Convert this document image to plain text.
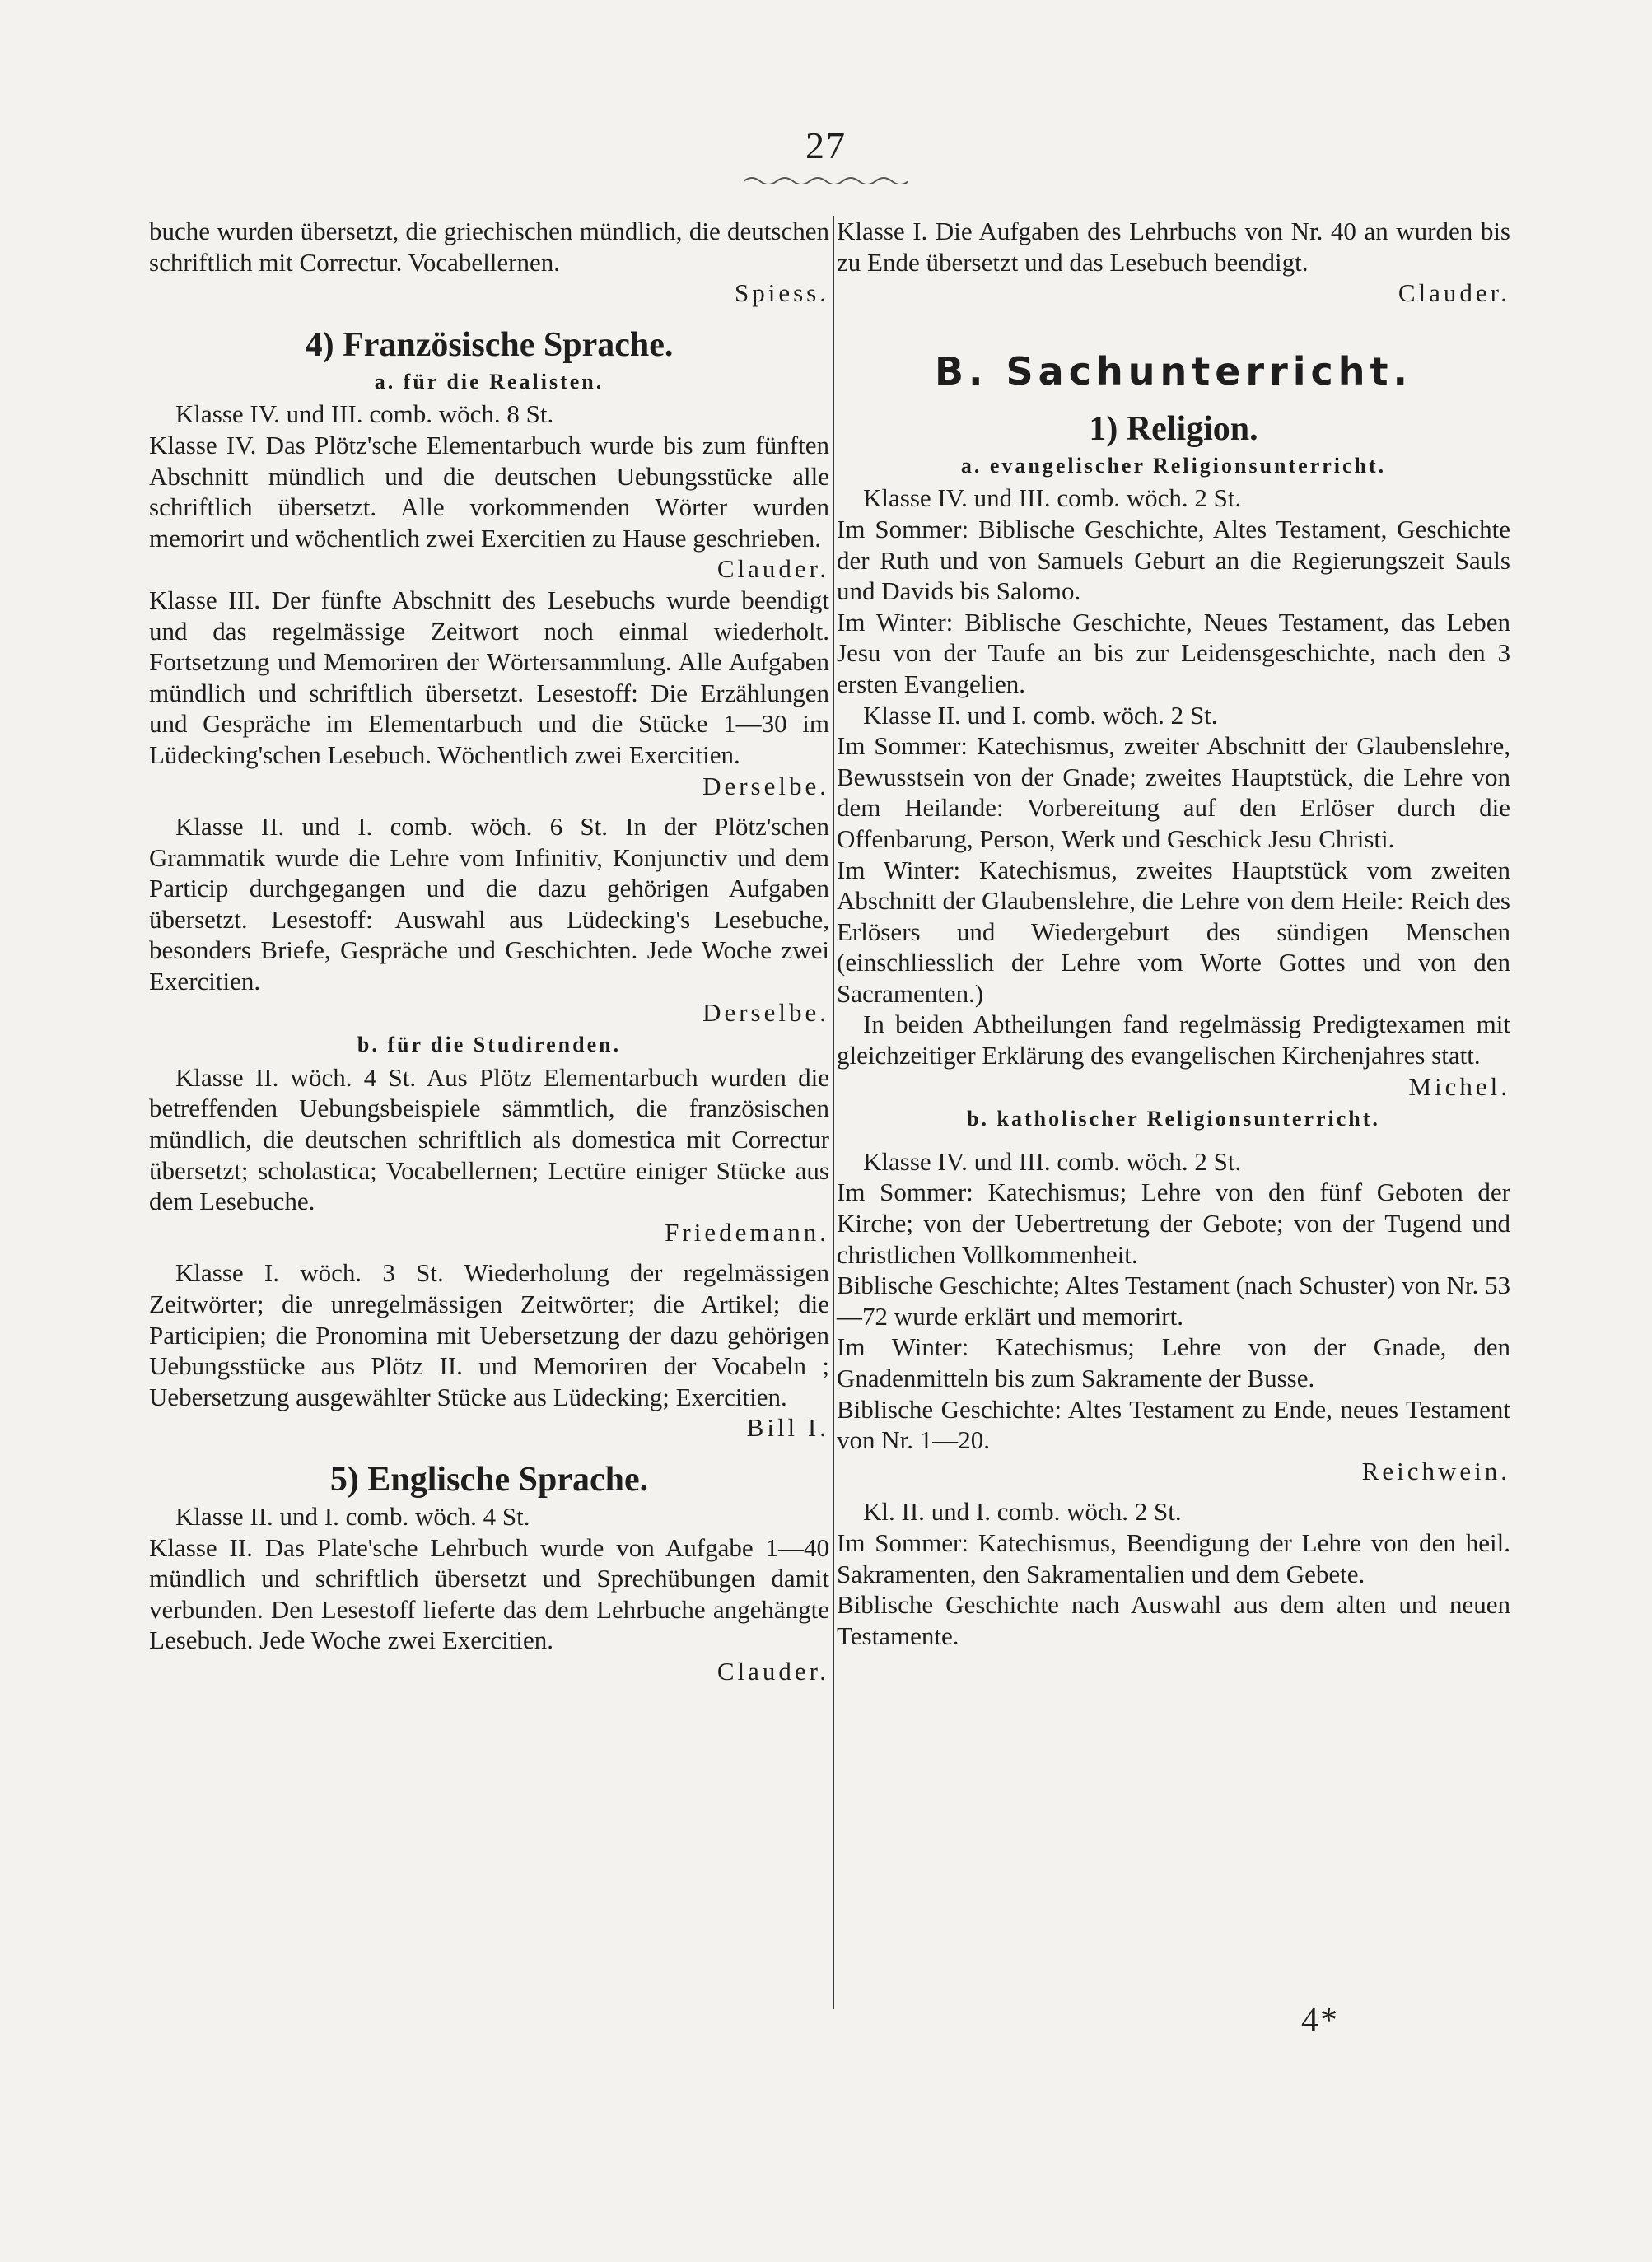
27

buche wurden übersetzt, die griechischen mündlich, die deutschen schriftlich mit Correctur. Vocabellernen.

Spiess.

4) Französische Sprache.
a. für die Realisten.

Klasse IV. und III. comb. wöch. 8 St.

Klasse IV. Das Plötz'sche Elementarbuch wurde bis zum fünften Abschnitt mündlich und die deutschen Uebungsstücke alle schriftlich übersetzt. Alle vorkommenden Wörter wurden memorirt und wöchentlich zwei Exercitien zu Hause geschrieben.

Clauder.

Klasse III. Der fünfte Abschnitt des Lesebuchs wurde beendigt und das regelmässige Zeitwort noch einmal wiederholt. Fortsetzung und Memoriren der Wörtersammlung. Alle Aufgaben mündlich und schriftlich übersetzt. Lesestoff: Die Erzählungen und Gespräche im Elementarbuch und die Stücke 1—30 im Lüdecking'schen Lesebuch. Wöchentlich zwei Exercitien.

Derselbe.

Klasse II. und I. comb. wöch. 6 St. In der Plötz'schen Grammatik wurde die Lehre vom Infinitiv, Konjunctiv und dem Particip durchgegangen und die dazu gehörigen Aufgaben übersetzt. Lesestoff: Auswahl aus Lüdecking's Lesebuche, besonders Briefe, Gespräche und Geschichten. Jede Woche zwei Exercitien.

Derselbe.

b. für die Studirenden.

Klasse II. wöch. 4 St. Aus Plötz Elementarbuch wurden die betreffenden Uebungsbeispiele sämmtlich, die französischen mündlich, die deutschen schriftlich als domestica mit Correctur übersetzt; scholastica; Vocabellernen; Lectüre einiger Stücke aus dem Lesebuche.

Friedemann.

Klasse I. wöch. 3 St. Wiederholung der regelmässigen Zeitwörter; die unregelmässigen Zeitwörter; die Artikel; die Participien; die Pronomina mit Uebersetzung der dazu gehörigen Uebungsstücke aus Plötz II. und Memoriren der Vocabeln ; Uebersetzung ausgewählter Stücke aus Lüdecking; Exercitien.

Bill I.

5) Englische Sprache.

Klasse II. und I. comb. wöch. 4 St.

Klasse II. Das Plate'sche Lehrbuch wurde von Aufgabe 1—40 mündlich und schriftlich übersetzt und Sprechübungen damit verbunden. Den Lesestoff lieferte das dem Lehrbuche angehängte Lesebuch. Jede Woche zwei Exercitien.

Clauder.

Klasse I. Die Aufgaben des Lehrbuchs von Nr. 40 an wurden bis zu Ende übersetzt und das Lesebuch beendigt.

Clauder.

B. Sachunterricht.
1) Religion.
a. evangelischer Religionsunterricht.

Klasse IV. und III. comb. wöch. 2 St.

Im Sommer: Biblische Geschichte, Altes Testament, Geschichte der Ruth und von Samuels Geburt an die Regierungszeit Sauls und Davids bis Salomo.

Im Winter: Biblische Geschichte, Neues Testament, das Leben Jesu von der Taufe an bis zur Leidensgeschichte, nach den 3 ersten Evangelien.

Klasse II. und I. comb. wöch. 2 St.

Im Sommer: Katechismus, zweiter Abschnitt der Glaubenslehre, Bewusstsein von der Gnade; zweites Hauptstück, die Lehre von dem Heilande: Vorbereitung auf den Erlöser durch die Offenbarung, Person, Werk und Geschick Jesu Christi.

Im Winter: Katechismus, zweites Hauptstück vom zweiten Abschnitt der Glaubenslehre, die Lehre von dem Heile: Reich des Erlösers und Wiedergeburt des sündigen Menschen (einschliesslich der Lehre vom Worte Gottes und von den Sacramenten.)

In beiden Abtheilungen fand regelmässig Predigtexamen mit gleichzeitiger Erklärung des evangelischen Kirchenjahres statt.

Michel.

b. katholischer Religionsunterricht.

Klasse IV. und III. comb. wöch. 2 St.

Im Sommer: Katechismus; Lehre von den fünf Geboten der Kirche; von der Uebertretung der Gebote; von der Tugend und christlichen Vollkommenheit.

Biblische Geschichte; Altes Testament (nach Schuster) von Nr. 53—72 wurde erklärt und memorirt.

Im Winter: Katechismus; Lehre von der Gnade, den Gnadenmitteln bis zum Sakramente der Busse.

Biblische Geschichte: Altes Testament zu Ende, neues Testament von Nr. 1—20.

Reichwein.

Kl. II. und I. comb. wöch. 2 St.

Im Sommer: Katechismus, Beendigung der Lehre von den heil. Sakramenten, den Sakramentalien und dem Gebete.

Biblische Geschichte nach Auswahl aus dem alten und neuen Testamente.

4*
